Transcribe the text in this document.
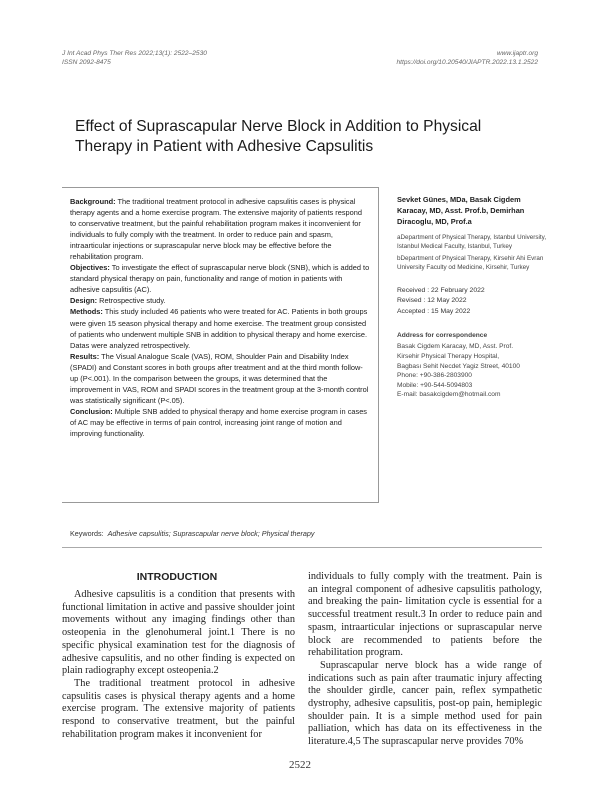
J Int Acad Phys Ther Res 2022;13(1): 2522–2530
ISSN 2092-8475
www.ijaptr.org
https://doi.org/10.20540/JIAPTR.2022.13.1.2522
Effect of Suprascapular Nerve Block in Addition to Physical Therapy in Patient with Adhesive Capsulitis

Background: The traditional treatment protocol in adhesive capsulitis cases is physical therapy agents and a home exercise program. The extensive majority of patients respond to conservative treatment, but the painful rehabilitation program makes it inconvenient for individuals to fully comply with the treatment. In order to reduce pain and spasm, intraarticular injections or suprascapular nerve block may be effective before the rehabilitation program.

Objectives: To investigate the effect of suprascapular nerve block (SNB), which is added to standard physical therapy on pain, functionality and range of motion in patients with adhesive capsulitis (AC).

Design: Retrospective study.

Methods: This study included 46 patients who were treated for AC. Patients in both groups were given 15 season physical therapy and home exercise. The treatment group consisted of patients who underwent multiple SNB in addition to physical therapy and home exercise. Datas were analyzed retrospectively.

Results: The Visual Analogue Scale (VAS), ROM, Shoulder Pain and Disability Index (SPADI) and Constant scores in both groups after treatment and at the third month follow-up (P<.001). In the comparison between the groups, it was determined that the improvement in VAS, ROM and SPADI scores in the treatment group at the 3-month control was statistically significant (P<.05).

Conclusion: Multiple SNB added to physical therapy and home exercise program in cases of AC may be effective in terms of pain control, increasing joint range of motion and improving functionality.

Sevket Günes, MDa, Basak Cigdem Karacay, MD, Asst. Prof.b, Demirhan Diracoglu, MD, Prof.a

aDepartment of Physical Therapy, Istanbul University, Istanbul Medical Faculty, Istanbul, Turkey

bDepartment of Physical Therapy, Kirsehir Ahi Evran University Faculty od Medicine, Kirsehir, Turkey

Received : 22 February 2022
Revised : 12 May 2022
Accepted : 15 May 2022
Address for correspondence
Basak Cigdem Karacay, MD, Asst. Prof.
Kirsehir Physical Therapy Hospital,
Bagbası Sehit Necdet Yagiz Street, 40100
Phone: +90-386-2803900
Mobile: +90-544-5094803
E-mail: basakcigdem@hotmail.com
Keywords: Adhesive capsulitis; Suprascapular nerve block; Physical therapy
INTRODUCTION

Adhesive capsulitis is a condition that presents with functional limitation in active and passive shoulder joint movements without any imaging findings other than osteopenia in the glenohumeral joint.1 There is no specific physical examination test for the diagnosis of adhesive capsulitis, and no other finding is expected on plain radiography except osteopenia.2

The traditional treatment protocol in adhesive capsulitis cases is physical therapy agents and a home exercise program. The extensive majority of patients respond to conservative treatment, but the painful rehabilitation program makes it inconvenient for

individuals to fully comply with the treatment. Pain is an integral component of adhesive capsulitis pathology, and breaking the pain- limitation cycle is essential for a successful treatment result.3 In order to reduce pain and spasm, intraarticular injections or suprascapular nerve block are recommended to patients before the rehabilitation program.

Suprascapular nerve block has a wide range of indications such as pain after traumatic injury affecting the shoulder girdle, cancer pain, reflex sympathetic dystrophy, adhesive capsulitis, post-op pain, hemiplegic shoulder pain. It is a simple method used for pain palliation, which has data on its effectiveness in the literature.4,5 The suprascapular nerve provides 70%

2522
